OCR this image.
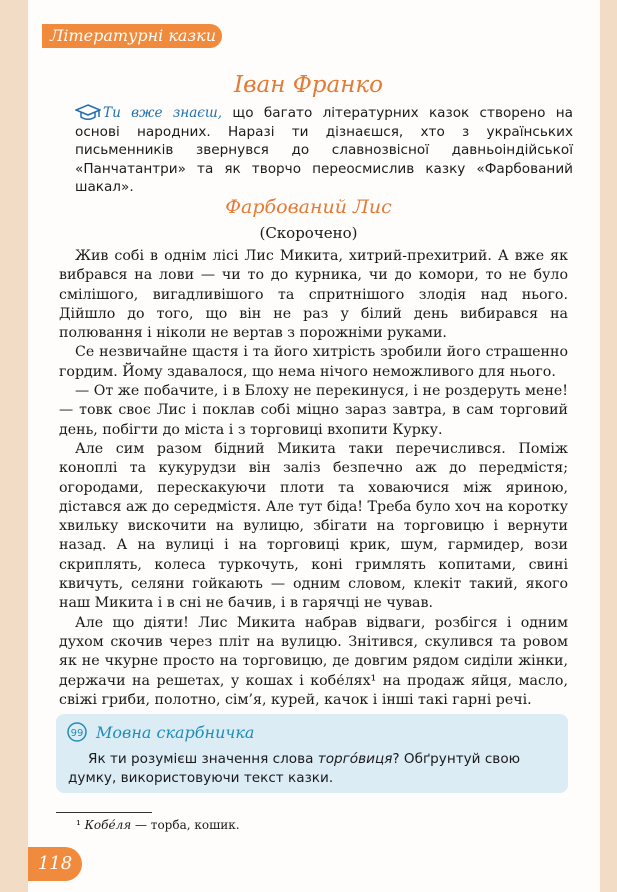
Літературні казки
Іван Франко
Ти вже знаєш, що багато літературних казок створено на основі народних. Наразі ти дізнаєшся, хто з українських письменників звернувся до славнозвісної давньоіндійської «Панчатантри» та як творчо переосмислив казку «Фарбований шакал».
Фарбований Лис
(Скорочено)

Жив собі в однім лісі Лис Микита, хитрий-прехитрий. А вже як вибрався на лови — чи то до курника, чи до комори, то не було смілішого, вигадливішого та спритнішого злодія над нього. Дійшло до того, що він не раз у білий день вибирався на полювання і ніколи не вертав з порожніми руками.

Се незвичайне щастя і та його хитрість зробили його страшенно гордим. Йому здавалося, що нема нічого неможливого для нього.

— От же побачите, і в Блоху не перекинуся, і не роздеруть мене! — товк своє Лис і поклав собі міцно зараз завтра, в сам торговий день, побігти до міста і з торговиці вхопити Курку.

Але сим разом бідний Микита таки перечислився. Поміж коноплі та кукурудзи він заліз безпечно аж до передмістя; огородами, перескакуючи плоти та ховаючися між яриною, дістався аж до середмістя. Але тут біда! Треба було хоч на коротку хвильку вискочити на вулицю, збігати на торговицю і вернути назад. А на вулиці і на торговиці крик, шум, гармидер, вози скриплять, колеса туркочуть, коні гримлять копитами, свині квичуть, селяни гойкають — одним словом, клекіт такий, якого наш Микита і в сні не бачив, і в гарячці не чував.

Але що діяти! Лис Микита набрав відваги, розбігся і одним духом скочив через пліт на вулицю. Знітився, скулився та ровом як не чкурне просто на торговицю, де довгим рядом сиділи жінки, держачи на решетах, у кошах і кобе́лях¹ на продаж яйця, масло, свіжі гриби, полотно, сім’я, курей, качок і інші такі гарні речі.

99 Мовна скарбничка

Як ти розумієш значення слова торго́виця? Обґрунтуй свою думку, використовуючи текст казки.

¹ Кобе́ля — торба, кошик.
118
